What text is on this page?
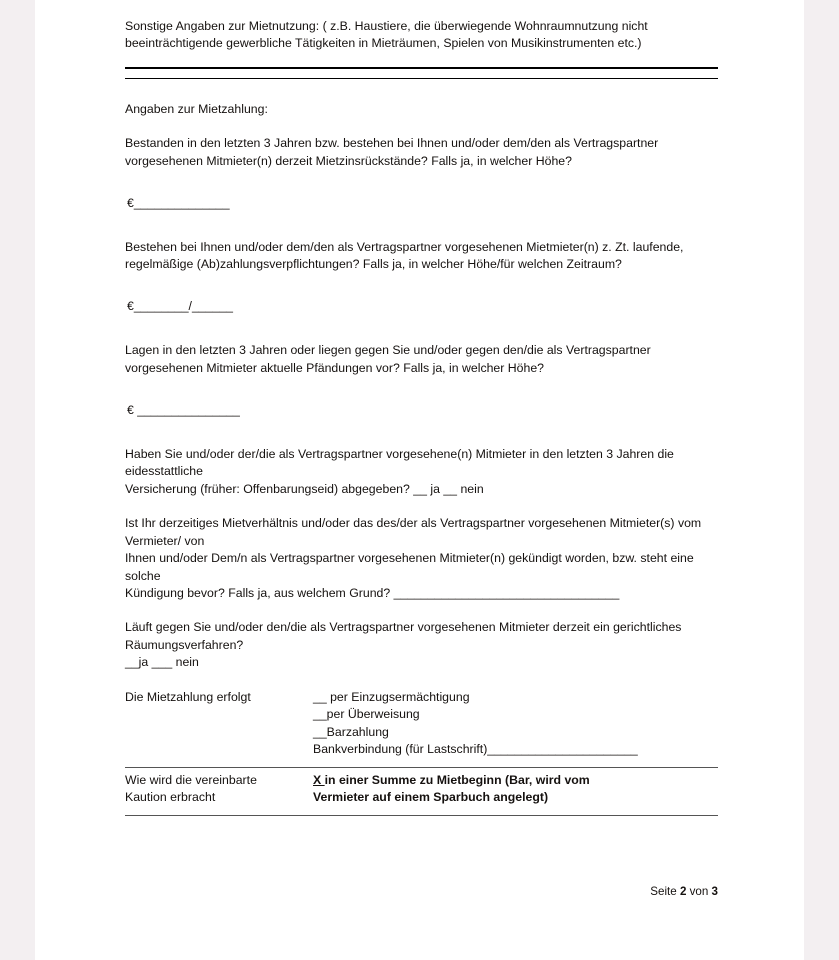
Sonstige Angaben zur Mietnutzung: ( z.B. Haustiere, die überwiegende Wohnraumnutzung nicht beeinträchtigende gewerbliche Tätigkeiten in Mieträumen, Spielen von Musikinstrumenten etc.)

Angaben zur Mietzahlung:

Bestanden in den letzten 3 Jahren bzw. bestehen bei Ihnen und/oder dem/den als Vertragspartner vorgesehenen Mitmieter(n) derzeit Mietzinsrückstände? Falls ja, in welcher Höhe?

€______________

Bestehen bei Ihnen und/oder dem/den als Vertragspartner vorgesehenen Mietmieter(n) z. Zt. laufende, regelmäßige (Ab)zahlungsverpflichtungen? Falls ja, in welcher Höhe/für welchen Zeitraum?

€________/______

Lagen in den letzten 3 Jahren oder liegen gegen Sie und/oder gegen den/die als Vertragspartner vorgesehenen Mitmieter aktuelle Pfändungen vor? Falls ja, in welcher Höhe?

€ _______________

Haben Sie und/oder der/die als Vertragspartner vorgesehene(n) Mitmieter in den letzten 3 Jahren die eidesstattliche

Versicherung (früher: Offenbarungseid) abgegeben? __ ja __ nein

Ist Ihr derzeitiges Mietverhältnis und/oder das des/der als Vertragspartner vorgesehenen Mitmieter(s) vom Vermieter/ von

Ihnen und/oder Dem/n als Vertragspartner vorgesehenen Mitmieter(n) gekündigt worden, bzw. steht eine solche

Kündigung bevor? Falls ja, aus welchem Grund? _________________________________

Läuft gegen Sie und/oder den/die als Vertragspartner vorgesehenen Mitmieter derzeit ein gerichtliches Räumungsverfahren?

__ja ___ nein

Die Mietzahlung erfolgt	__ per Einzugsermächtigung
__per Überweisung
__Barzahlung
Bankverbindung (für Lastschrift)______________________
Wie wird die vereinbarte
Kaution erbracht
X in einer Summe zu Mietbeginn (Bar, wird vom
Vermieter auf einem Sparbuch angelegt)
Seite 2 von 3
